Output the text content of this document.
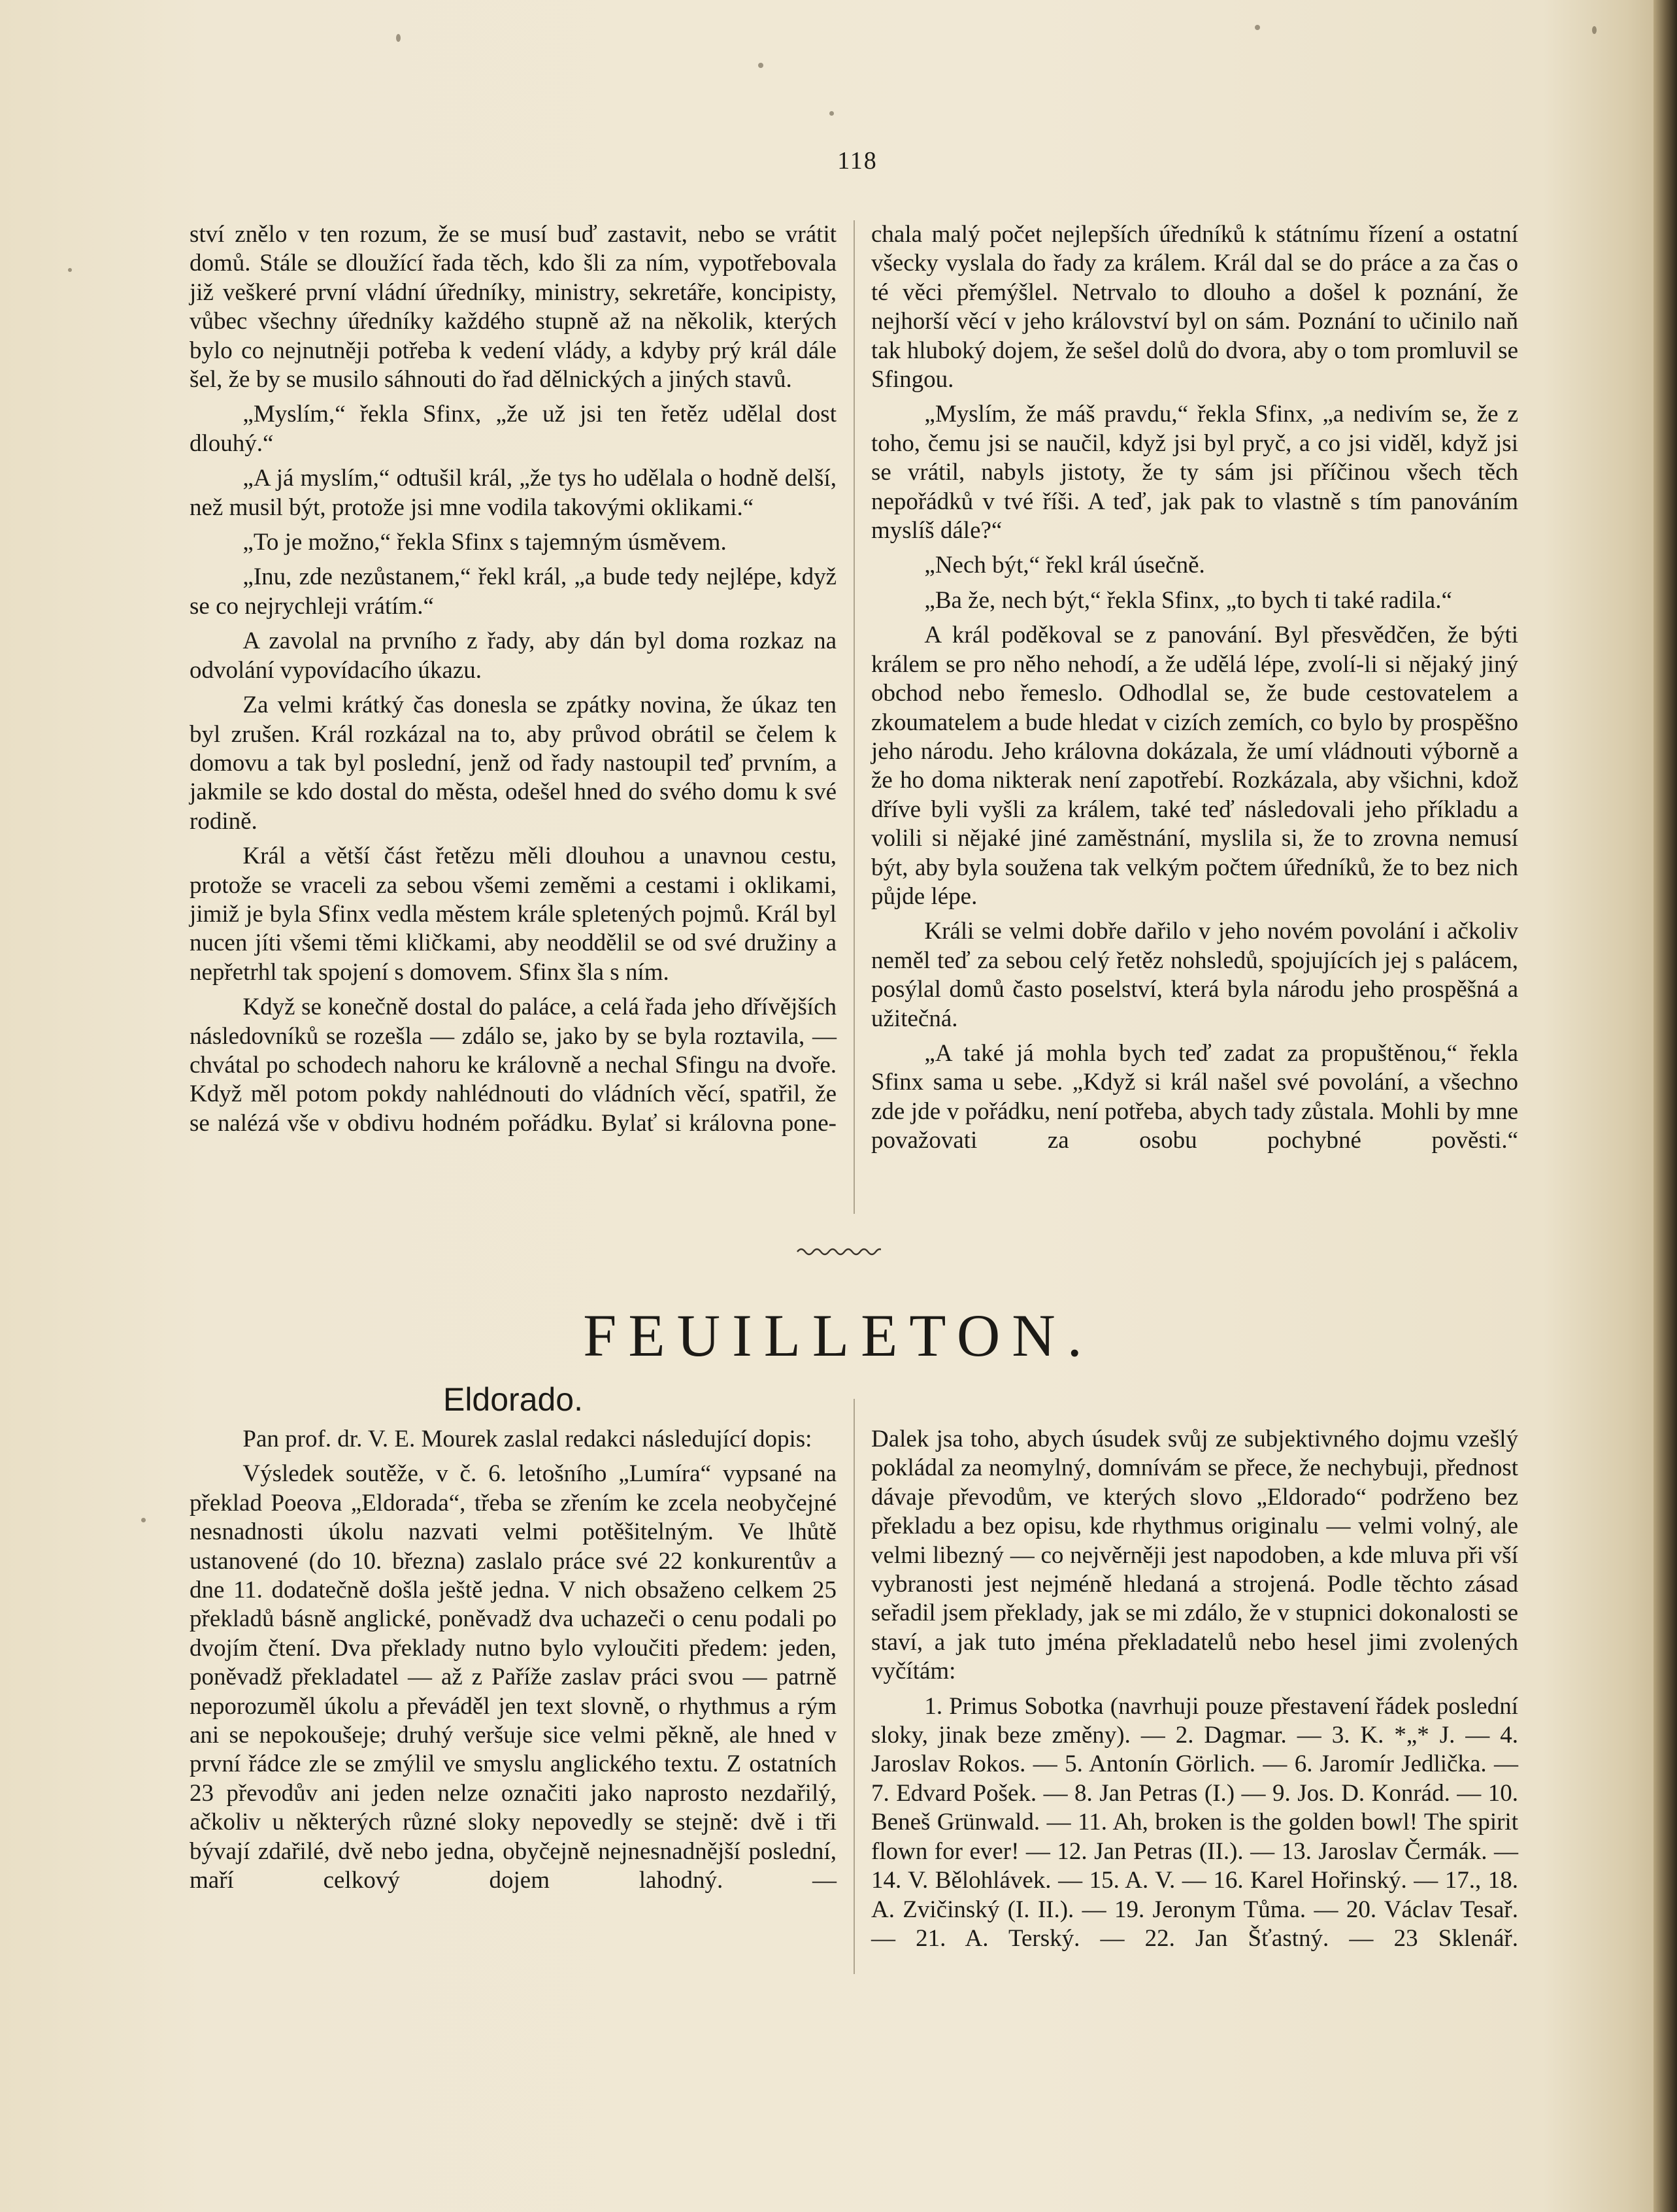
118

ství znělo v ten rozum, že se musí buď zastavit, nebo se vrátit domů. Stále se dloužící řada těch, kdo šli za ním, vypotřebovala již veškeré první vládní úředníky, ministry, sekretáře, koncipisty, vůbec všechny úředníky každého stupně až na několik, kterých bylo co nejnutněji potřeba k vedení vlády, a kdyby prý král dále šel, že by se musilo sáhnouti do řad dělnických a jiných stavů.

„Myslím,“ řekla Sfinx, „že už jsi ten řetěz udělal dost dlouhý.“

„A já myslím,“ odtušil král, „že tys ho udělala o hodně delší, než musil být, protože jsi mne vodila takovými oklikami.“

„To je možno,“ řekla Sfinx s tajemným úsměvem.

„Inu, zde nezůstanem,“ řekl král, „a bude tedy nejlépe, když se co nejrychleji vrátím.“

A zavolal na prvního z řady, aby dán byl doma rozkaz na odvolání vypovídacího úkazu.

Za velmi krátký čas donesla se zpátky novina, že úkaz ten byl zrušen. Král rozkázal na to, aby průvod obrátil se čelem k domovu a tak byl poslední, jenž od řady nastoupil teď prvním, a jakmile se kdo dostal do města, odešel hned do svého domu k své rodině.

Král a větší část řetězu měli dlouhou a unavnou cestu, protože se vraceli za sebou všemi zeměmi a cestami i oklikami, jimiž je byla Sfinx vedla městem krále spletených pojmů. Král byl nucen jíti všemi těmi kličkami, aby neoddělil se od své družiny a nepřetrhl tak spojení s domovem. Sfinx šla s ním.

Když se konečně dostal do paláce, a celá řada jeho dřívějších následovníků se rozešla — zdálo se, jako by se byla roztavila, — chvátal po schodech nahoru ke královně a nechal Sfingu na dvoře. Když měl potom pokdy nahlédnouti do vládních věcí, spatřil, že se nalézá vše v obdivu hodném pořádku. Bylať si královna pone-

chala malý počet nejlepších úředníků k státnímu řízení a ostatní všecky vyslala do řady za králem. Král dal se do práce a za čas o té věci přemýšlel. Netrvalo to dlouho a došel k poznání, že nejhorší věcí v jeho království byl on sám. Poznání to učinilo naň tak hluboký dojem, že sešel dolů do dvora, aby o tom promluvil se Sfingou.

„Myslím, že máš pravdu,“ řekla Sfinx, „a nedivím se, že z toho, čemu jsi se naučil, když jsi byl pryč, a co jsi viděl, když jsi se vrátil, nabyls jistoty, že ty sám jsi příčinou všech těch nepořádků v tvé říši. A teď, jak pak to vlastně s tím panováním myslíš dále?“

„Nech být,“ řekl král úsečně.

„Ba že, nech být,“ řekla Sfinx, „to bych ti také radila.“

A král poděkoval se z panování. Byl přesvědčen, že býti králem se pro něho nehodí, a že udělá lépe, zvolí-li si nějaký jiný obchod nebo řemeslo. Odhodlal se, že bude cestovatelem a zkoumatelem a bude hledat v cizích zemích, co bylo by prospěšno jeho národu. Jeho královna dokázala, že umí vládnouti výborně a že ho doma nikterak není zapotřebí. Rozkázala, aby všichni, kdož dříve byli vyšli za králem, také teď následovali jeho příkladu a volili si nějaké jiné zaměstnání, myslila si, že to zrovna nemusí být, aby byla soužena tak velkým počtem úředníků, že to bez nich půjde lépe.

Králi se velmi dobře dařilo v jeho novém povolání i ačkoliv neměl teď za sebou celý řetěz nohsledů, spojujících jej s palácem, posýlal domů často poselství, která byla národu jeho prospěšná a užitečná.

„A také já mohla bych teď zadat za propuštěnou,“ řekla Sfinx sama u sebe. „Když si král našel své povolání, a všechno zde jde v pořádku, není potřeba, abych tady zůstala. Mohli by mne považovati za osobu pochybné pověsti.“

FEUILLETON.
Eldorado.

Pan prof. dr. V. E. Mourek zaslal redakci následující dopis:

Výsledek soutěže, v č. 6. letošního „Lumíra“ vypsané na překlad Poeova „Eldorada“, třeba se zřením ke zcela neobyčejné nesnadnosti úkolu nazvati velmi potěšitelným. Ve lhůtě ustanovené (do 10. března) zaslalo práce své 22 konkurentův a dne 11. dodatečně došla ještě jedna. V nich obsaženo celkem 25 překladů básně anglické, poněvadž dva uchazeči o cenu podali po dvojím čtení. Dva překlady nutno bylo vyloučiti předem: jeden, poněvadž překladatel — až z Paříže zaslav práci svou — patrně neporozuměl úkolu a převáděl jen text slovně, o rhythmus a rým ani se nepokoušeje; druhý veršuje sice velmi pěkně, ale hned v první řádce zle se zmýlil ve smyslu anglického textu. Z ostatních 23 převodův ani jeden nelze označiti jako naprosto nezdařilý, ačkoliv u některých různé sloky nepovedly se stejně: dvě i tři bývají zdařilé, dvě nebo jedna, obyčejně nejnesnadnější poslední, maří celkový dojem lahodný. —

Dalek jsa toho, abych úsudek svůj ze subjektivného dojmu vzešlý pokládal za neomylný, domnívám se přece, že nechybuji, přednost dávaje převodům, ve kterých slovo „Eldorado“ podrženo bez překladu a bez opisu, kde rhythmus originalu — velmi volný, ale velmi libezný — co nejvěrněji jest napodoben, a kde mluva při vší vybranosti jest nejméně hledaná a strojená. Podle těchto zásad seřadil jsem překlady, jak se mi zdálo, že v stupnici dokonalosti se staví, a jak tuto jména překladatelů nebo hesel jimi zvolených vyčítám:

1. Primus Sobotka (navrhuji pouze přestavení řádek poslední sloky, jinak beze změny). — 2. Dagmar. — 3. K. *„* J. — 4. Jaroslav Rokos. — 5. Antonín Görlich. — 6. Jaromír Jedlička. — 7. Edvard Pošek. — 8. Jan Petras (I.) — 9. Jos. D. Konrád. — 10. Beneš Grünwald. — 11. Ah, broken is the golden bowl! The spirit flown for ever! — 12. Jan Petras (II.). — 13. Jaroslav Čermák. — 14. V. Bělohlávek. — 15. A. V. — 16. Karel Hořinský. — 17., 18. A. Zvičinský (I. II.). — 19. Jeronym Tůma. — 20. Václav Tesař. — 21. A. Terský. — 22. Jan Šťastný. — 23 Sklenář.
